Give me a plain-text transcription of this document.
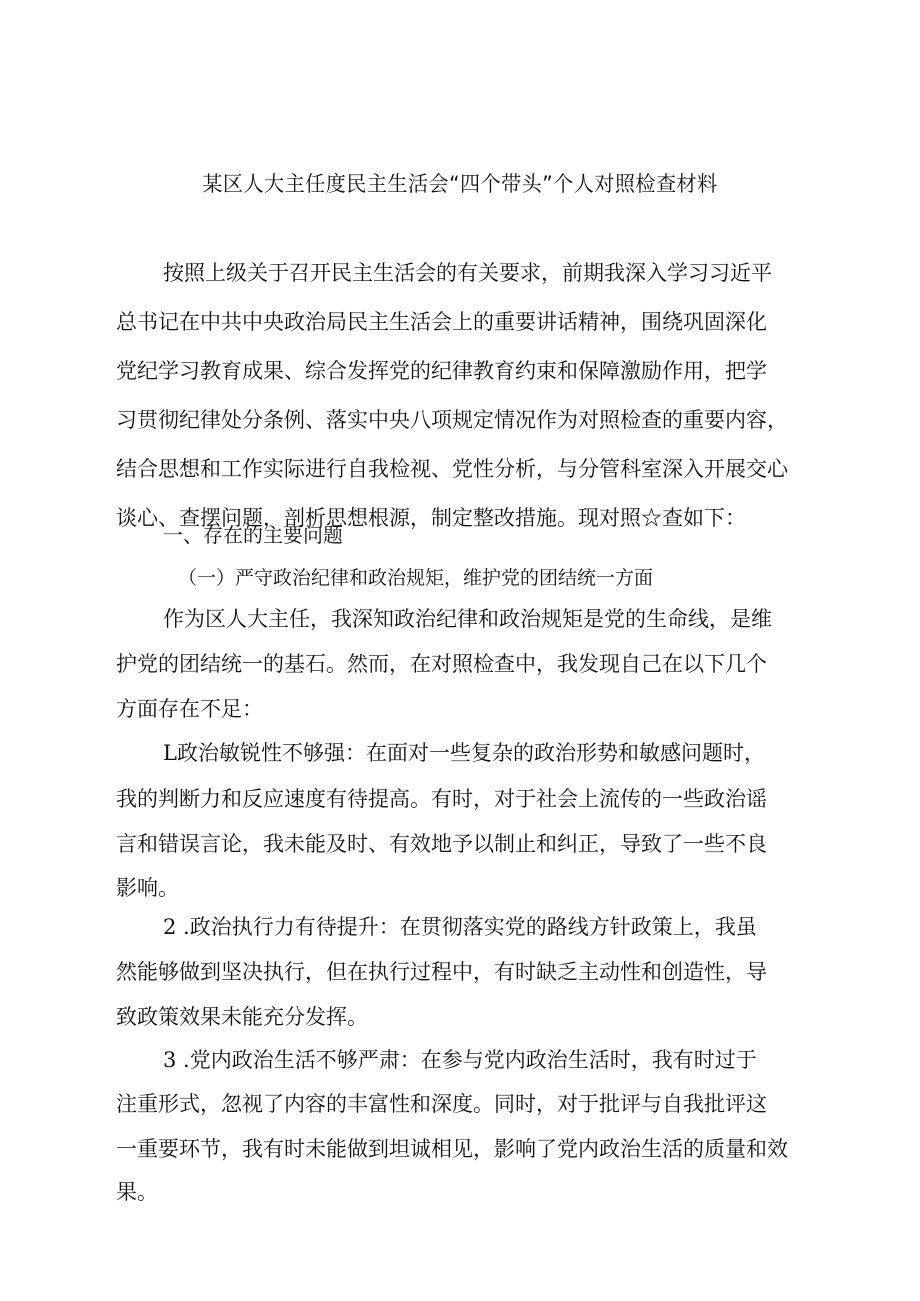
某区人大主任度民主生活会“四个带头”个人对照检查材料
按照上级关于召开民主生活会的有关要求，前期我深入学习习近平
总书记在中共中央政治局民主生活会上的重要讲话精神，围绕巩固深化
党纪学习教育成果、综合发挥党的纪律教育约束和保障激励作用，把学
习贯彻纪律处分条例、落实中央八项规定情况作为对照检查的重要内容，
结合思想和工作实际进行自我检视、党性分析，与分管科室深入开展交心
谈心、查摆问题，剖析思想根源，制定整改措施。现对照☆查如下：
一、存在的主要问题
（一）严守政治纪律和政治规矩，维护党的团结统一方面
作为区人大主任，我深知政治纪律和政治规矩是党的生命线，是维
护党的团结统一的基石。然而，在对照检查中，我发现自己在以下几个
方面存在不足：
L政治敏锐性不够强：在面对一些复杂的政治形势和敏感问题时，
我的判断力和反应速度有待提高。有时，对于社会上流传的一些政治谣
言和错误言论，我未能及时、有效地予以制止和纠正，导致了一些不良
影响。
2 .政治执行力有待提升：在贯彻落实党的路线方针政策上，我虽
然能够做到坚决执行，但在执行过程中，有时缺乏主动性和创造性，导
致政策效果未能充分发挥。
3 .党内政治生活不够严肃：在参与党内政治生活时，我有时过于
注重形式，忽视了内容的丰富性和深度。同时，对于批评与自我批评这
一重要环节，我有时未能做到坦诚相见，影响了党内政治生活的质量和效
果。
